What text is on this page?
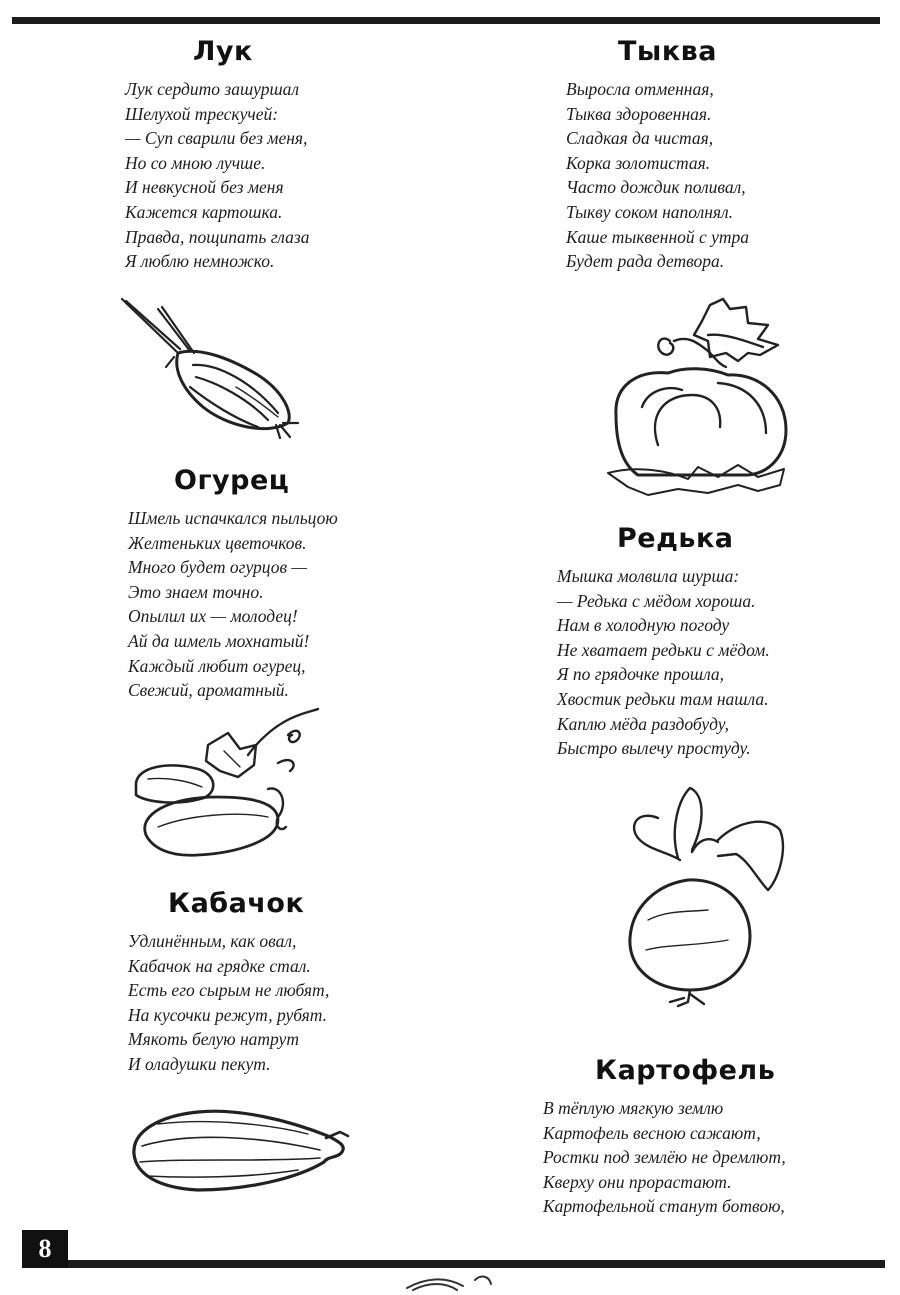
Лук
Лук сердито зашуршал
Шелухой трескучей:
— Суп сварили без меня,
Но со мною лучше.
И невкусной без меня
Кажется картошка.
Правда, пощипать глаза
Я люблю немножко.
Тыква
Выросла отменная,
Тыква здоровенная.
Сладкая да чистая,
Корка золотистая.
Часто дождик поливал,
Тыкву соком наполнял.
Каше тыквенной с утра
Будет рада детвора.
Огурец
Шмель испачкался пыльцою
Желтеньких цветочков.
Много будет огурцов —
Это знаем точно.
Опылил их — молодец!
Ай да шмель мохнатый!
Каждый любит огурец,
Свежий, ароматный.
Редька
Мышка молвила шурша:
— Редька с мёдом хороша.
Нам в холодную погоду
Не хватает редьки с мёдом.
Я по грядочке прошла,
Хвостик редьки там нашла.
Каплю мёда раздобуду,
Быстро вылечу простуду.
Кабачок
Удлинённым, как овал,
Кабачок на грядке стал.
Есть его сырым не любят,
На кусочки режут, рубят.
Мякоть белую натрут
И оладушки пекут.	Картофель
В тёплую мягкую землю
Картофель весною сажают,
Ростки под землёю не дремлют,
Кверху они прорастают.
Картофельной станут ботвою,
8
